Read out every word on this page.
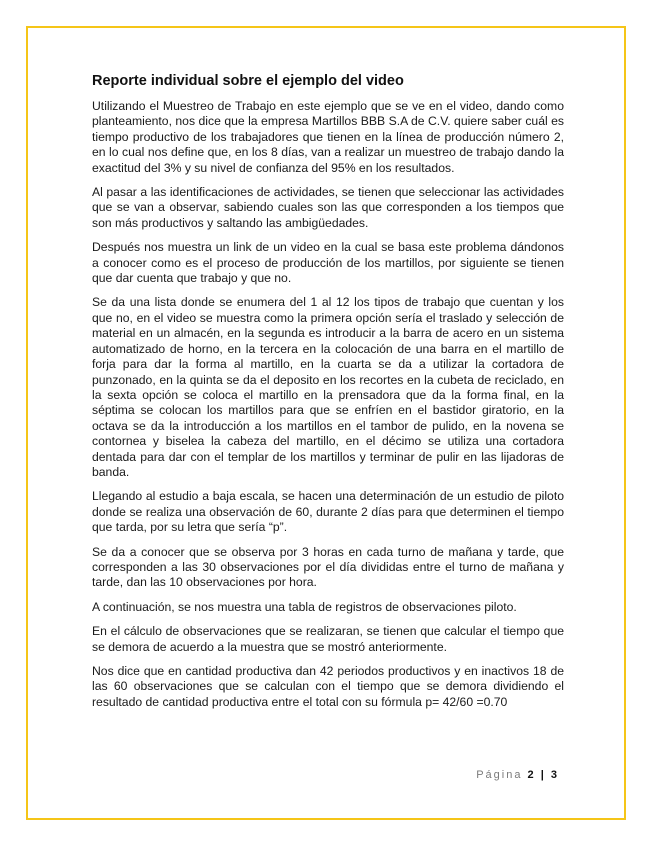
Reporte individual sobre el ejemplo del video

Utilizando el Muestreo de Trabajo en este ejemplo que se ve en el video, dando como planteamiento, nos dice que la empresa Martillos BBB S.A de C.V. quiere saber cuál es tiempo productivo de los trabajadores que tienen en la línea de producción número 2, en lo cual nos define que, en los 8 días, van a realizar un muestreo de trabajo dando la exactitud del 3% y su nivel de confianza del 95% en los resultados.

Al pasar a las identificaciones de actividades, se tienen que seleccionar las actividades que se van a observar, sabiendo cuales son las que corresponden a los tiempos que son más productivos y saltando las ambigüedades.

Después nos muestra un link de un video en la cual se basa este problema dándonos a conocer como es el proceso de producción de los martillos, por siguiente se tienen que dar cuenta que trabajo y que no.

Se da una lista donde se enumera del 1 al 12 los tipos de trabajo que cuentan y los que no, en el video se muestra como la primera opción sería el traslado y selección de material en un almacén, en la segunda es introducir a la barra de acero en un sistema automatizado de horno, en la tercera en la colocación de una barra en el martillo de forja para dar la forma al martillo, en la cuarta se da a utilizar la cortadora de punzonado, en la quinta se da el deposito en los recortes en la cubeta de reciclado, en la sexta opción se coloca el martillo en la prensadora que da la forma final, en la séptima se colocan los martillos para que se enfríen en el bastidor giratorio, en la octava se da la introducción a los martillos en el tambor de pulido, en la novena se contornea y biselea la cabeza del martillo, en el décimo se utiliza una cortadora dentada para dar con el templar de los martillos y terminar de pulir en las lijadoras de banda.

Llegando al estudio a baja escala, se hacen una determinación de un estudio de piloto donde se realiza una observación de 60, durante 2 días para que determinen el tiempo que tarda, por su letra que sería “p”.

Se da a conocer que se observa por 3 horas en cada turno de mañana y tarde, que corresponden a las 30 observaciones por el día divididas entre el turno de mañana y tarde, dan las 10 observaciones por hora.

A continuación, se nos muestra una tabla de registros de observaciones piloto.

En el cálculo de observaciones que se realizaran, se tienen que calcular el tiempo que se demora de acuerdo a la muestra que se mostró anteriormente.

Nos dice que en cantidad productiva dan 42 periodos productivos y en inactivos 18 de las 60 observaciones que se calculan con el tiempo que se demora dividiendo el resultado de cantidad productiva entre el total con su fórmula p= 42/60 =0.70

Página 2 | 3
